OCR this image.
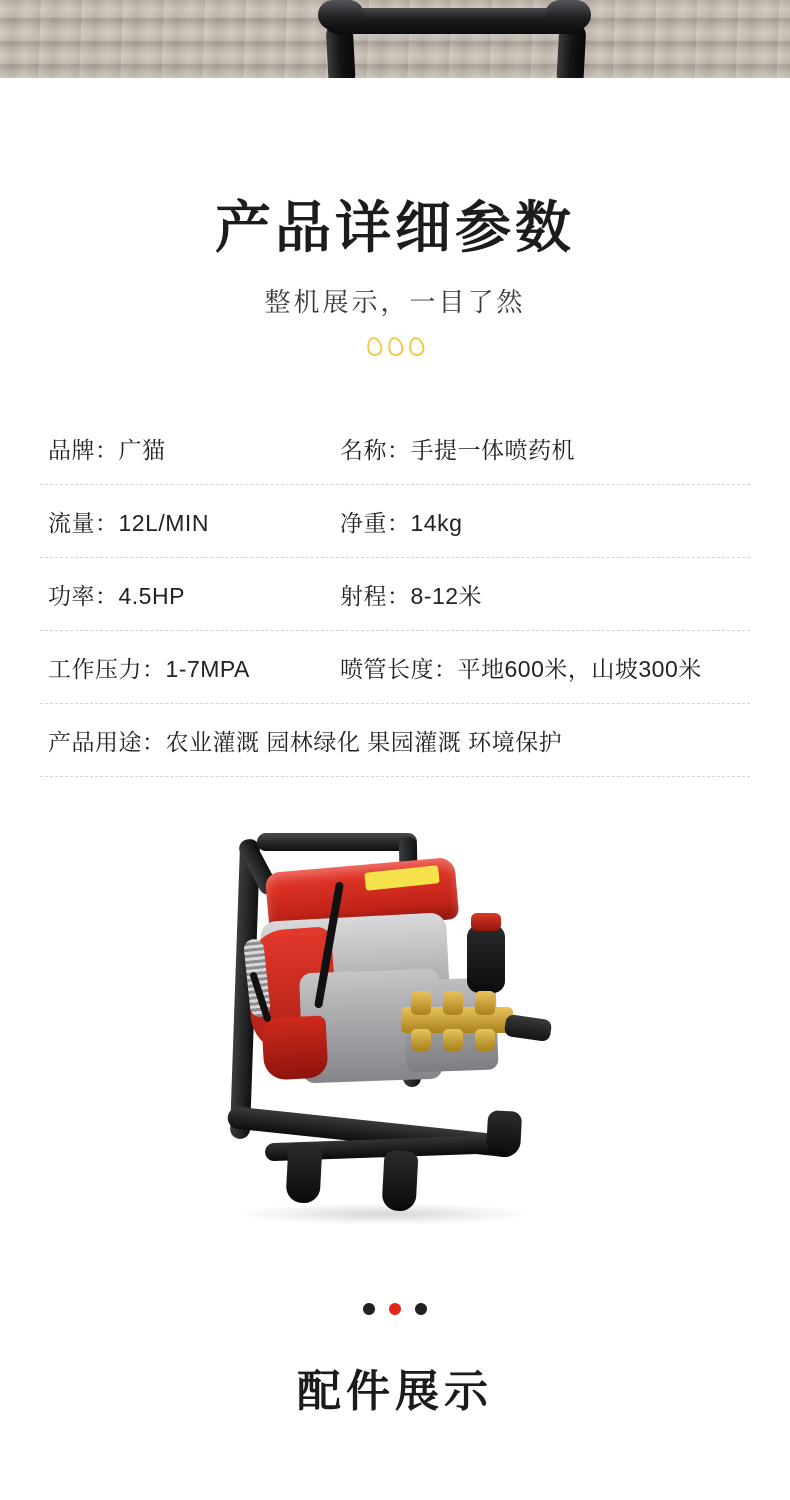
产品详细参数
整机展示，一目了然
品牌：广猫	名称：手提一体喷药机
流量：12L/MIN	净重：14kg
功率：4.5HP	射程：8-12米
工作压力：1-7MPA	喷管长度：平地600米，山坡300米
产品用途：农业灌溉 园林绿化 果园灌溉 环境保护
配件展示
